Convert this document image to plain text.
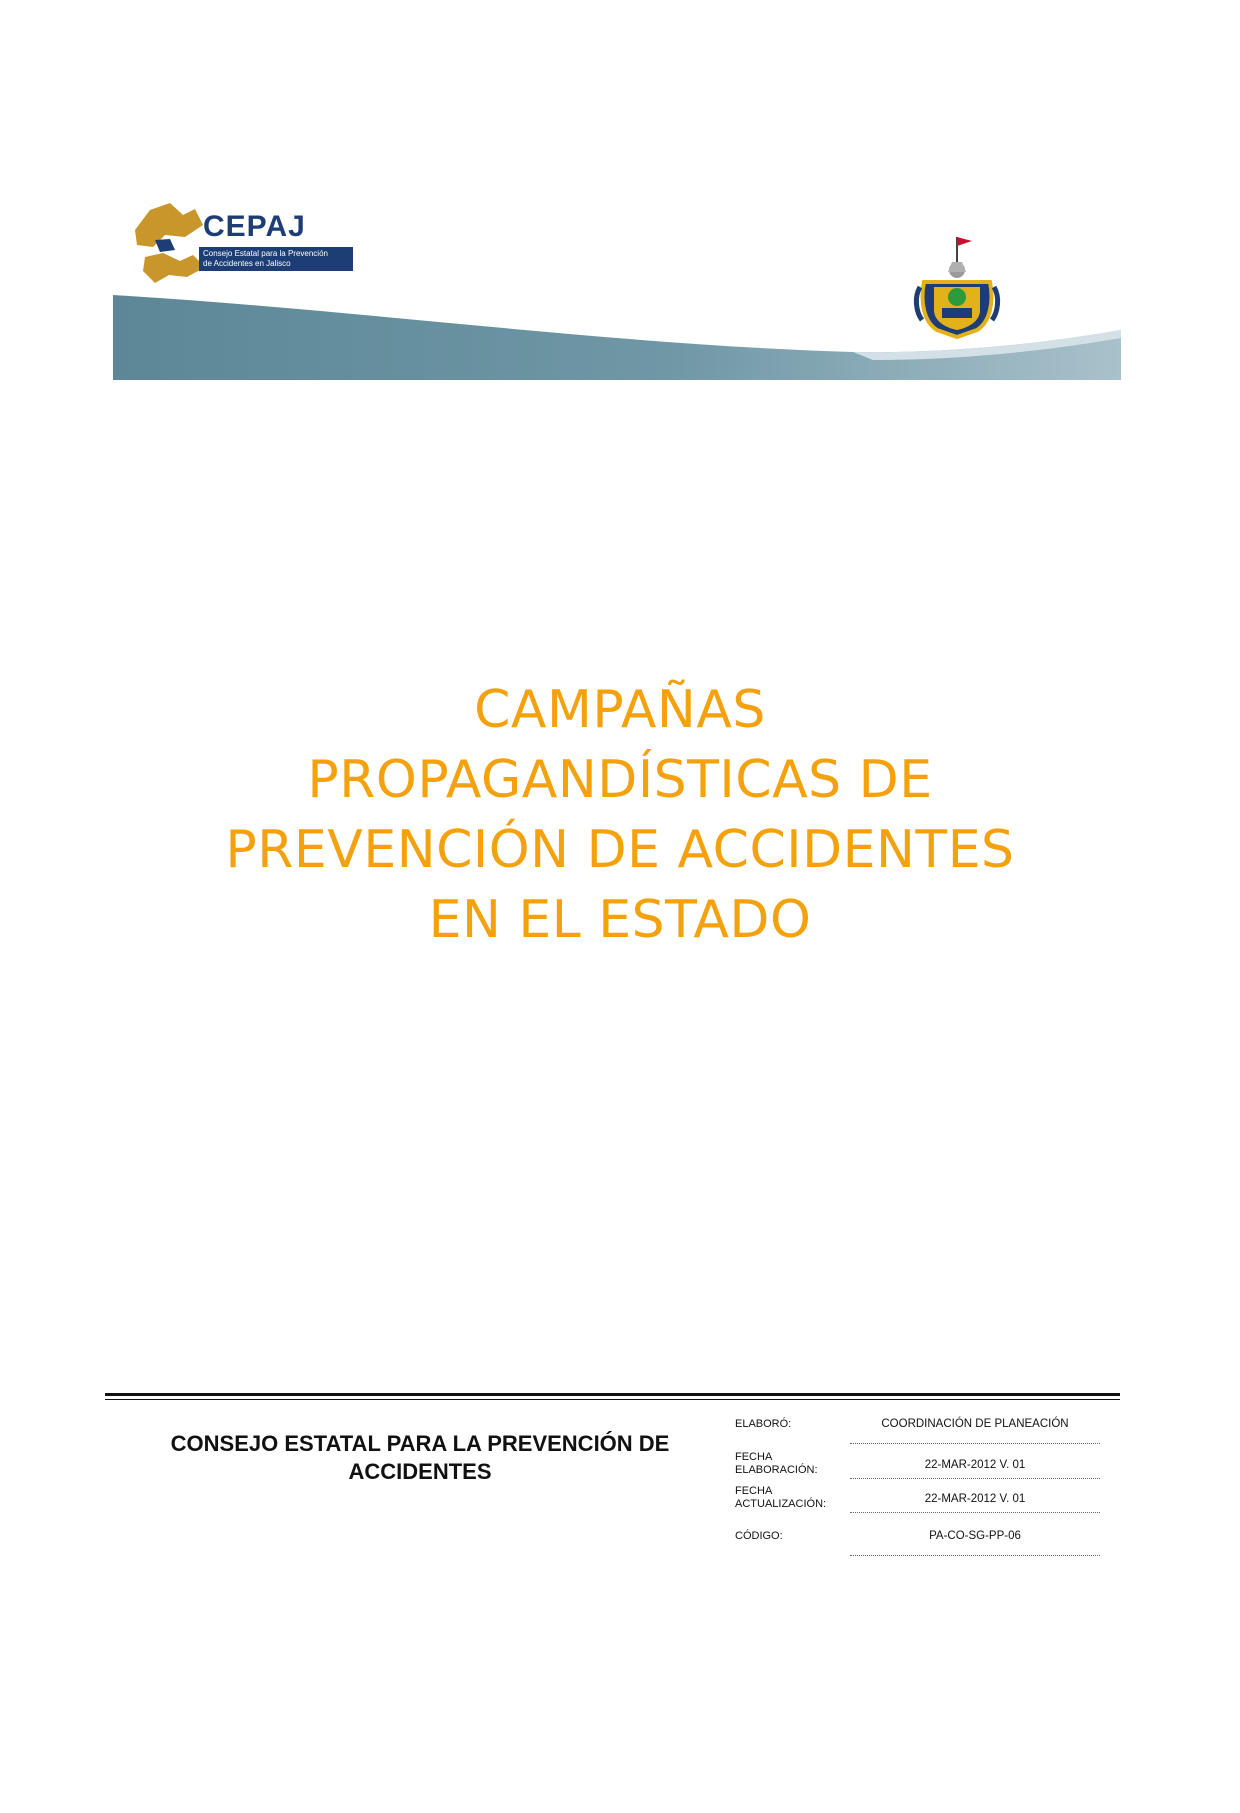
CEPAJ
Consejo Estatal para la Prevención
de Accidentes en Jalisco
CAMPAÑAS
PROPAGANDÍSTICAS DE
PREVENCIÓN DE ACCIDENTES
EN EL ESTADO
CONSEJO ESTATAL PARA LA PREVENCIÓN DE
ACCIDENTES
ELABORÓ:	COORDINACIÓN DE PLANEACIÓN
FECHA
ELABORACIÓN:	22-MAR-2012 V. 01
FECHA
ACTUALIZACIÓN:	22-MAR-2012 V. 01
CÓDIGO:	PA-CO-SG-PP-06
